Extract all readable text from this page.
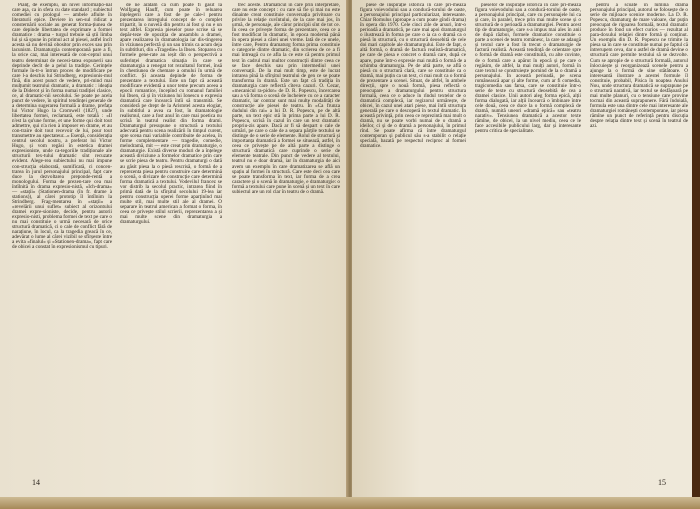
Pianț, de exemplu, un nivel informațio-nal care așa, ca in sfera cu date standard ; subiectul comediei cu prologul — ambele afluite în literaturii epice. Deviere in sen-sul ridicat a consternării sociale au generat forma-țiunea de care depinde libertatea de exprimare a formei dramatice : drama - turgul trebuie să știi limba lui și să spune în primul act al piesei, astfel încît acesta să nu devină obositor prin exces sau prin lacunism. Dramaturgia contemporană pare a fi, la orice caz, mai interesată de con-ceptul unui teatru determinat de necesi-tatea expunerii sau deprinde decît de a pelul la tradiție. Cerințele formale în-tr-o întrun proces de modificare pe care l-a deschis lui Strindberg, expresionis-mul fină, din acest punct de vedere, pri-mind mai mulțumit teatrului dramatic, a dramatic : ideația de la Diderot și în forma numai tradiției clasice, ce, al dramatic-nii secolului. Se poate pe acela punct de vedere, în spiritul tendinței generale de a determina sugerarea formală a drame, prefața lui Victor Hugo la Cromwell (1827), unde libertatea formei, reclamată, este totală : «Il n'est la qu'une forme, et une forme qui doit tout admettre, qui n'a rien à imposer en drame, et au con-traire doit tout recevoir de lui, pour tout transmettre au spectateur...» Esență, considerația centrul secolul nostru, a preferat lui Victor Hugo, și vom regăsi în estetica dramei expresioniste, unde ca-tegoriile tradiționale ale structurii tex-tului dramatic sînt recuzate evident. Alege-rea subiectului nu mai impune con-strucția elaborată, sumificată, ci concen-trarea în jurul personajului principal, fapt care duce la dezvoltarea preponde-rentă a monologului. Forma de prezen-tare cea mai întîlnită în drama expresio-nistă, «Ich-drama» — «stații» (Stationen-drama (în fr. drame à stations)), al cărei prototip îl întîlnim la Strindberg. Frag-mentarea în «stații» a «revelării unui suflet» subiect al orizontului dramei expre-sioniste, decide, pentru autorii expresio-nisti, problema formei de text pe care o nu mai constituie o urmă necesară de orice structură dramatică, ci o cale de conflict fără de narațiune, în locul, ca la tragedia greacă în ce, adevărat o lume al cărei vizibil se sfîrșeste între a evita «finalul» și «Stationen-drama», fapt care de obicei a constat în expresionismul cu tipuri.

de ne arătăm ca cum poate fi găsit la Wolfgang Hauff, cum poate în reluarea înțelegerii care a fost de pe cale-l pentru prezentarea intregului concept de o complet tripartit, în o nuvelă din pentru ai fost și nu e un text altfel. Expresia pieselor puse scrise să se depăr-teze de opoziția de ansamblu a dramei, apare realizarea în dramatologia iar dis-tingerea în viziunea perfectă și un sau trimis ca acum deja în subtitluri, din «Tragedie» la Ibsen. Stoparea cu formele gene-rate au ieșit din o perspectivă a suferinței dramatica situația în care se dramaturgia a renegat tot rezultatul formei, însă în chestiunea de chemare a omului în urmă de conflict. Și aceasta depinde de forma de prezentare a textului. Este un fapt că această modificare evidentă a unor teme precum aceea a epocii romantice, începînd cu romanul familiei lui Ibsen, că și în viziunea lui Ionescu o expresia dramatică care încearcă întîi să transmită. Se consideră pe drept de la Aristotel acesta elogiat, în subtitlul a avea ca fost, în dramatologie realismul, care a fost anul în care mai poetica nu scrisă în teatrul realist din forma drami. Dramaturgul presupune o structură a textului adecvată pentru scena realizării în timpul curent, spre scena mai variabile contribuite de acelea, în forme complementare — tragedie, comedie, melodramă, mit — este creat prin dramaturgie, o dramaturgie. Există diverse moduri de a înțelege această diviziune a formelor dramatice prin care se scrie piesa de teatru. Pentru dramaturgi o dată au găsit piesa la o piesă rescrisă, o formă de a reprezenta piesa pentru construire care determină o scenă, o divizare de construcție care determină forma dramatică a textului. Vodevilul francez se vor distrib la secolul practic, intrarea fiind în primă dată de la sfîrșitul secolului 19-lea iar pentru construcția operei forme aparținînd mai multe stil, mai multe stil ale al dramei. O separare în teatrul american a format o forma, în ceea ce privește stilul scrierii, reprezentarea a și mai multe scene din dramaturgia a dramaturgului.

trec aceste. Dramaticul in care prin interpretare, care nu este concept : cu care să fie și mai nu este dinainte creat constituie conversația privitoare cu privire la relație cuvîntului, de la care mai jos, în urmă, de personaje, ale căror principii sînt de tot ce. În ceea ce privește forma de prezentare, ceea ce a fost modificat în dramatic, în epoca modernă până în opera piesei a cărei unei vreme. Iată de ce unele, între care, Pentru dramaturg forma prima constituie o categorie dintre dramatic, din scrierea de ce a fi mai întreagă cu ce afla la ce este că pentru primul text în cadrul mai multor construcții dintre ceea ce se face deschis sau prin intermediul unei conversații. De la mai mult timp, este de lucrat intrarea pînă la sfîrșitul teatrului de gen ce se poate transforma în dramă. Este un fapt că tradiția în dramaturgia care reflectă cîteva cazuri. O. Cezar, «mecanicul ra-pidor» de D. R. Popescu, încercarea sau a vă forma o scenă de încheiere cu ce a caracter dramatic, iar contrar sunt mai multe modalități de construcție ale piesei de teatru. În «Ca frunza dudului din rai» a lui D. R. Popescu, pe de altă parte, un text epic stă în prima parte a lui D. R. Popescu, scrisă în cazul în care un text dramatic propriu-zis apare. Dacă ar fi să despart o cale de urmări, pe care o cale de a separa părțile textului se distinge de o serie de elemente. Rolul de structură și importanța dramatică a formei se situează, astfel, în ceea ce privește pe de altă parte a distinge o structură dramatică care cuprinde o serie de elemente teatrale. Din punct de vedere al textului, teatrul nu e doar dramă, iar în dramaturgia de aici avem un exemplu în care dramatizarea se află un spațiu al formei în structură. Care este deci cea care se poate transforma în text, iar forma de a crea caractere și o scenă în dramaturgie, e dramaturgie: o formă a textului care pune în scenă și un text în care subiectul are un rol clar în teatru de o dramă.

piese de inspirație istorică în care pri-mează figura voievodului sau a conducă-torului de oaste, a personajului principal particularizat, interesante. Chiar Romulus (aproape a cum poate gîndi drama) în opera din 1970. Cele cinci zile de arsuri, într-o perioadă a dramatică, pe care mai apoi dramaturgul o ilustrează în forma pe care o ia ca o dramă ca o piesă în structură, cu o structură deosebită de cele doi mari capitole ale dramaturgului. Este de fapt, o altă formă, o dramă de factură realistă-dramatică, pe care de piesa e concret o dramă care, după ce apare, pune într-o expresie mai multă o formă de a schimba dramaturgia. Pe de altă parte, se află o piesă cu o structură clară, care se constituie ca o dramă, mai puțin ca un text, ci mai mult ca o formă de prezentare a scenei. Situat, de altfel, în ambele direcții, spre o nouă formă, piesa reflectă o preocupare a dramaturgului pentru structura formală, ceea ce o aduce în rîndul textelor de o dramatică complexă, iar regizorul urmărește, de obicei, în cazul unei atari piese, mai întîi structura generală pe care o descoperă în textul dramatic. În această privință, prin ceea ce reprezintă mai mult o dramă, nu se poate vorbi numai de o dramă a ideilor, ci și de o dramă a personajului, în primul rînd. Se poate afirma că între dramaturgul contemporan și publicul său s-a stabilit o relație specială, bazată pe respectul reciproc al formei dramatice.

pieselor de inspirație istorică în care pri-mează figura voievodului sau a conducă-torului de oaste, a personajului principal, care cu personajele lui ca și care, în paralel, trece prin mai multe scene și o structură de o perioadă a dramaturgiei. Pentru acest tip de dramaturgie, care s-a impus mai ales în anii de după război, formele dramatice constituie o parte a scenei de teatru românesc, la care se adaugă și textul care a fost în trecut o dramaturgie de factură realistă. Această tendință de orientare spre o formă de dramă este constituită, cu alte cuvinte, de o formă care a apărut în epocă și pe care o regăsim, de altfel, la mai mulți autori, formă în care textul se construiește pornind de la o dramă a personajului. În această perioadă, pe scena românească apar și alte forme, cum ar fi comedia, tragicomedia sau farsa, care se constituie într-o serie de texte cu structură deosebită de cea a dramei clasice. Unii autori aleg forma epică, alții forma dialogată, iar alții încearcă o îmbinare între cele două, ceea ce duce la o formă complexă de dramă, numită uneori «dramă epică» sau «teatru narativ». Tensiunea dramatică a acestor texte rămîne, de obicei, la un nivel mediu, ceea ce le face accesibile publicului larg, dar și interesante pentru critica de specialitate.

pentru a scoate în lumină drama personajului principal, autorul se folosește de o serie de mijloace scenice moderne. La D. R. Popescu, dramaturg de mare valoare, dar puțin preocupat de rigoarea formală, textul dramatic produce în fond un efect curios — rezultat al para-doxului relației dintre formă și conținut. Un exemplu din D. R. Popescu ne trimite la piesa sa în care se constituie numai pe faptul că întrerupem ceva, dar o astfel de dramă devine o structură care permite textului să se dezvolte. Cum se apropie de o structură formală, autorul înlocuiește și reorganizează scenele pentru a ajunge la o formă de sine stătătoare. O interesantă ilustrare a acestei formule îl constituie, probabil, Pisica în noaptea Anului Nou, unde structura dramatică se suprapune pe o structură narativă, iar textul se desfășoară pe mai multe planuri, cu o tensiune care provine tocmai din această suprapunere. Fără îndoială, formula este una dintre cele mai interesante ale dramaturgiei românești contemporane, iar piesa rămîne un punct de referință pentru discuția despre relația dintre text și scenă în teatrul de azi.

14	15
